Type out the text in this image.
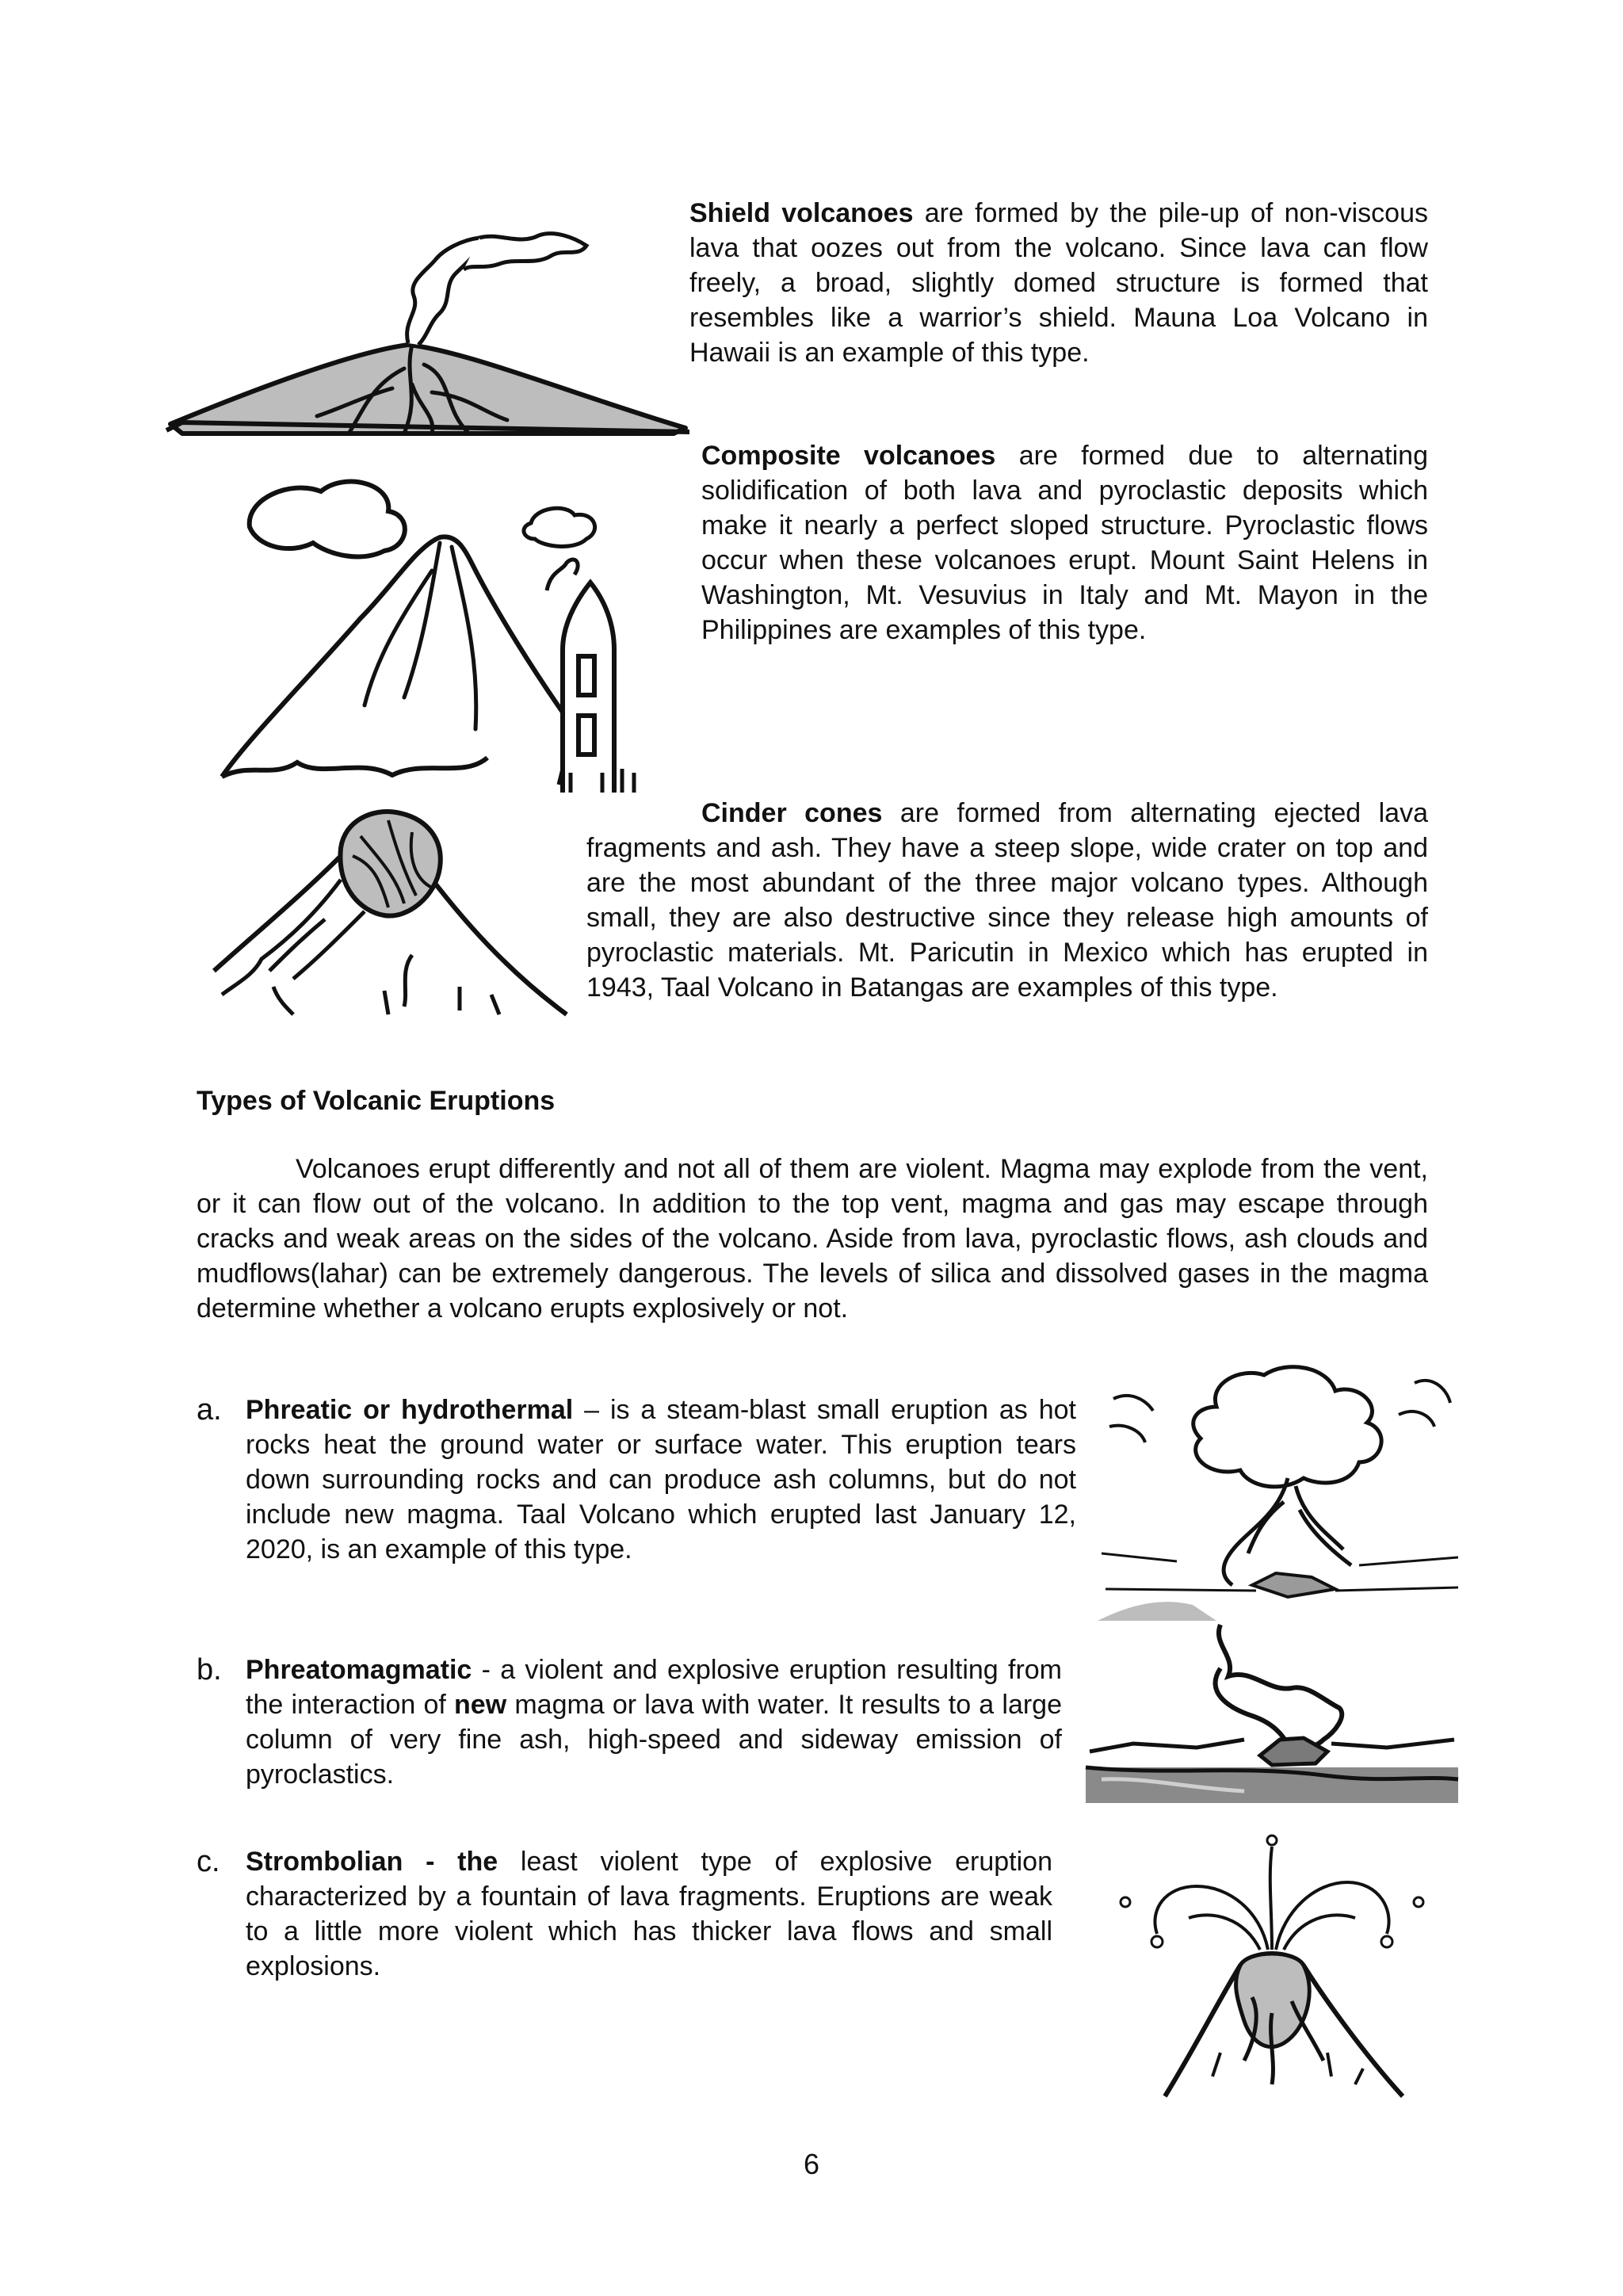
Shield volcanoes are formed by the pile-up of non-viscous lava that oozes out from the volcano. Since lava can flow freely, a broad, slightly domed structure is formed that resembles like a warrior’s shield. Mauna Loa Volcano in Hawaii is an example of this type.

Composite volcanoes are formed due to alternating solidification of both lava and pyroclastic deposits which make it nearly a perfect sloped structure. Pyroclastic flows occur when these volcanoes erupt. Mount Saint Helens in Washington, Mt. Vesuvius in Italy and Mt. Mayon in the Philippines are examples of this type.

Cinder cones are formed from alternating ejected lava fragments and ash. They have a steep slope, wide crater on top and are the most abundant of the three major volcano types. Although small, they are also destructive since they release high amounts of pyroclastic materials. Mt. Paricutin in Mexico which has erupted in 1943, Taal Volcano in Batangas are examples of this type.

Types of Volcanic Eruptions

Volcanoes erupt differently and not all of them are violent. Magma may explode from the vent, or it can flow out of the volcano. In addition to the top vent, magma and gas may escape through cracks and weak areas on the sides of the volcano. Aside from lava, pyroclastic flows, ash clouds and mudflows(lahar) can be extremely dangerous. The levels of silica and dissolved gases in the magma determine whether a volcano erupts explosively or not.

a. Phreatic or hydrothermal – is a steam-blast small eruption as hot rocks heat the ground water or surface water. This eruption tears down surrounding rocks and can produce ash columns, but do not include new magma. Taal Volcano which erupted last January 12, 2020, is an example of this type.

b. Phreatomagmatic - a violent and explosive eruption resulting from the interaction of new magma or lava with water. It results to a large column of very fine ash, high-speed and sideway emission of pyroclastics.

c. Strombolian - the least violent type of explosive eruption characterized by a fountain of lava fragments. Eruptions are weak to a little more violent which has thicker lava flows and small explosions.

6
